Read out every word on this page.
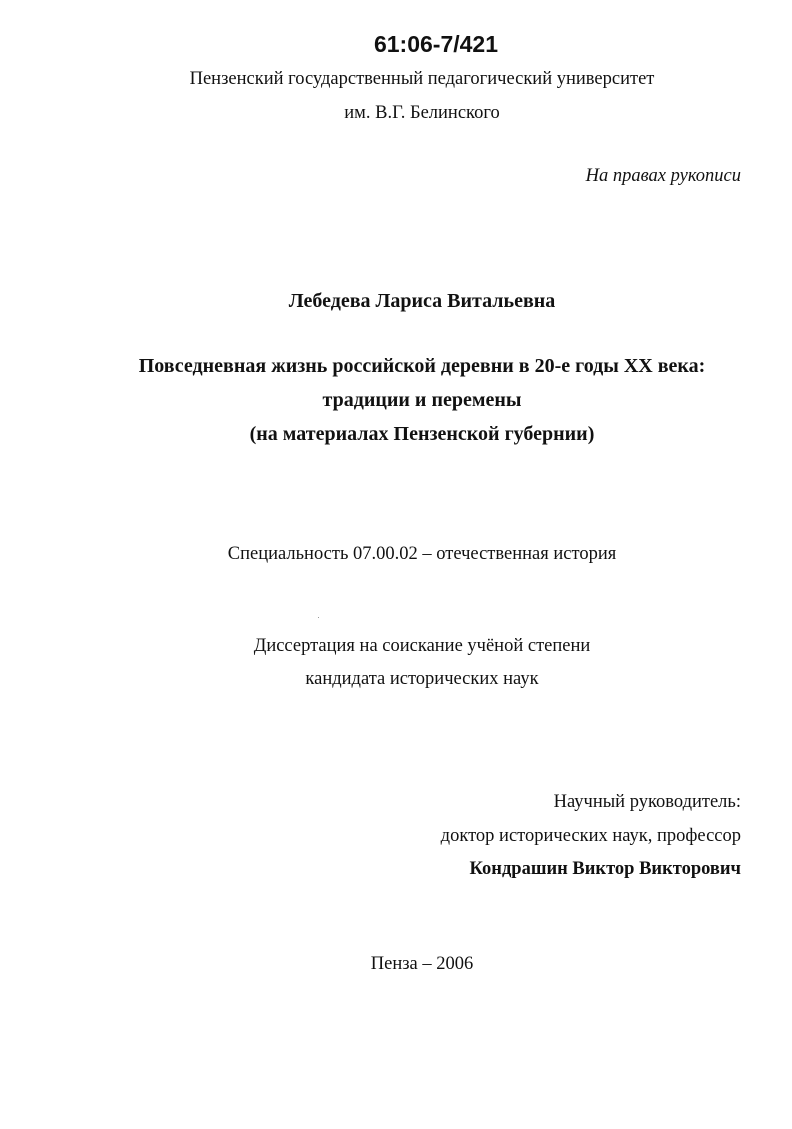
61:06-7/421
Пензенский государственный педагогический университет
им. В.Г. Белинского
На правах рукописи
Лебедева Лариса Витальевна
Повседневная жизнь российской деревни в 20-е годы XX века:
традиции и перемены
(на материалах Пензенской губернии)
Специальность 07.00.02 – отечественная история
Диссертация на соискание учёной степени
кандидата исторических наук
Научный руководитель:
доктор исторических наук, профессор
Кондрашин Виктор Викторович
Пенза – 2006
